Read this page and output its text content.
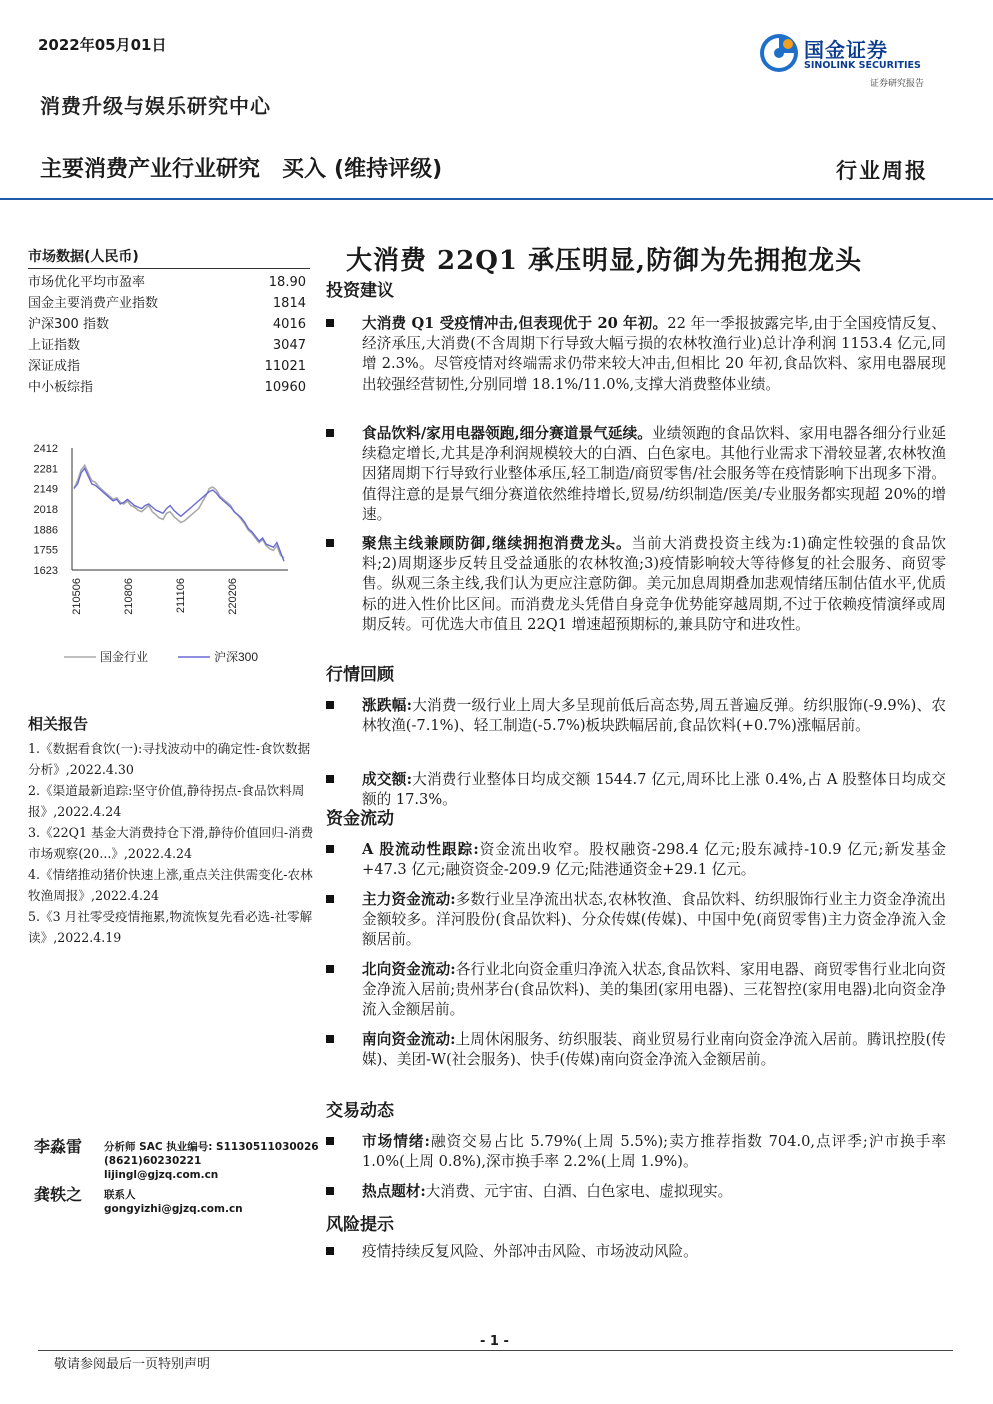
2022年05月01日	国金证券
SINOLINK SECURITIES
证券研究报告
消费升级与娱乐研究中心
主要消费产业行业研究 买入 (维持评级)	行业周报
市场数据(人民币)
市场优化平均市盈率	18.90
国金主要消费产业指数	1814
沪深300 指数	4016
上证指数	3047
深证成指	11021
中小板综指	10960
2412
2281
2149
2018
1886
1755
1623
210506	210806	211106	220206
国金行业	沪深300
相关报告
1.《数据看食饮(一):寻找波动中的确定性-食饮数据分析》,2022.4.30
2.《渠道最新追踪:坚守价值,静待拐点-食品饮料周报》,2022.4.24
3.《22Q1 基金大消费持仓下滑,静待价值回归-消费市场观察(20...》,2022.4.24
4.《情绪推动猪价快速上涨,重点关注供需变化-农林牧渔周报》,2022.4.24
5.《3 月社零受疫情拖累,物流恢复先看必选-社零解读》,2022.4.19
李淼雷 分析师 SAC 执业编号: S1130511030026
(8621)60230221
lijingl@gjzq.com.cn
龚轶之 联系人
gongyizhi@gjzq.com.cn
大消费 22Q1 承压明显,防御为先拥抱龙头
投资建议
大消费 Q1 受疫情冲击,但表现优于 20 年初。22 年一季报披露完毕,由于全国疫情反复、经济承压,大消费(不含周期下行导致大幅亏损的农林牧渔行业)总计净利润 1153.4 亿元,同增 2.3%。尽管疫情对终端需求仍带来较大冲击,但相比 20 年初,食品饮料、家用电器展现出较强经营韧性,分别同增 18.1%/11.0%,支撑大消费整体业绩。
食品饮料/家用电器领跑,细分赛道景气延续。业绩领跑的食品饮料、家用电器各细分行业延续稳定增长,尤其是净利润规模较大的白酒、白色家电。其他行业需求下滑较显著,农林牧渔因猪周期下行导致行业整体承压,轻工制造/商贸零售/社会服务等在疫情影响下出现多下滑。值得注意的是景气细分赛道依然维持增长,贸易/纺织制造/医美/专业服务都实现超 20%的增速。
聚焦主线兼顾防御,继续拥抱消费龙头。当前大消费投资主线为:1)确定性较强的食品饮料;2)周期逐步反转且受益通胀的农林牧渔;3)疫情影响较大等待修复的社会服务、商贸零售。纵观三条主线,我们认为更应注意防御。美元加息周期叠加悲观情绪压制估值水平,优质标的进入性价比区间。而消费龙头凭借自身竞争优势能穿越周期,不过于依赖疫情演绎或周期反转。可优选大市值且 22Q1 增速超预期标的,兼具防守和进攻性。
行情回顾
涨跌幅:大消费一级行业上周大多呈现前低后高态势,周五普遍反弹。纺织服饰(-9.9%)、农林牧渔(-7.1%)、轻工制造(-5.7%)板块跌幅居前,食品饮料(+0.7%)涨幅居前。
成交额:大消费行业整体日均成交额 1544.7 亿元,周环比上涨 0.4%,占 A 股整体日均成交额的 17.3%。
资金流动
A 股流动性跟踪:资金流出收窄。股权融资-298.4 亿元;股东减持-10.9 亿元;新发基金+47.3 亿元;融资资金-209.9 亿元;陆港通资金+29.1 亿元。
主力资金流动:多数行业呈净流出状态,农林牧渔、食品饮料、纺织服饰行业主力资金净流出金额较多。洋河股份(食品饮料)、分众传媒(传媒)、中国中免(商贸零售)主力资金净流入金额居前。
北向资金流动:各行业北向资金重归净流入状态,食品饮料、家用电器、商贸零售行业北向资金净流入居前;贵州茅台(食品饮料)、美的集团(家用电器)、三花智控(家用电器)北向资金净流入金额居前。
南向资金流动:上周休闲服务、纺织服装、商业贸易行业南向资金净流入居前。腾讯控股(传媒)、美团-W(社会服务)、快手(传媒)南向资金净流入金额居前。
交易动态
市场情绪:融资交易占比 5.79%(上周 5.5%);卖方推荐指数 704.0,点评季;沪市换手率 1.0%(上周 0.8%),深市换手率 2.2%(上周 1.9%)。
热点题材:大消费、元宇宙、白酒、白色家电、虚拟现实。
风险提示
疫情持续反复风险、外部冲击风险、市场波动风险。
- 1 -
敬请参阅最后一页特别声明
